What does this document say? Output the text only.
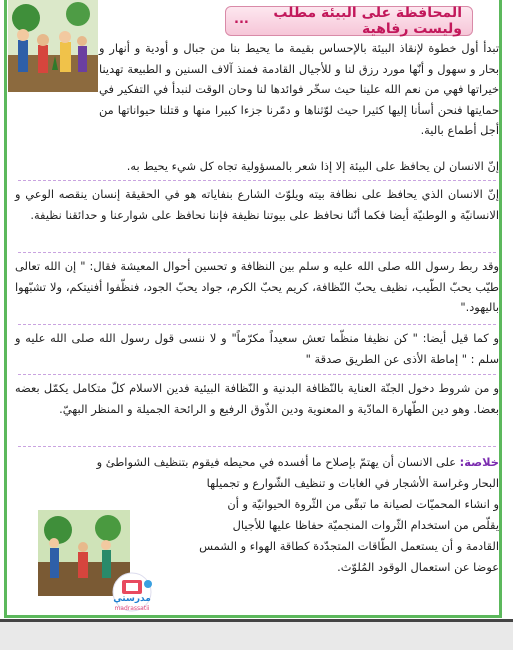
المحافظة على البيئة مطلب وليست رفاهية
...
تبدأ أول خطوة لإنقاذ البيئة بالإحساس بقيمة ما يحيط بنا من جبال و أودية و أنهار و بحار و سهول و أنّها مورد رزق لنا و للأجيال القادمة فمنذ آلاف السنين و الطبيعة تهدينا خيراتها فهي من نعم الله علينا حيث سخّر فوائدها لنا وحان الوقت لنبدأ في التفكير في حمايتها فنحن أسأنا إليها كثيرا حيث لوّثناها و دمّرنا جزءا كبيرا منها و قتلنا حيواناتها من أجل أطماع بالية.
إنّ الانسان لن يحافظ على البيئة إلا إذا شعر بالمسؤولية تجاه كل شيء يحيط به.
إنّ الانسان الذي يحافظ على نظافة بيته ويلوّث الشارع بنفاياته هو في الحقيقة إنسان ينقصه الوعي و الانسانيّة و الوطنيّة أيضا فكما أنّنا نحافظ على بيوتنا نظيفة فإننا نحافظ على شوارعنا و حدائقنا نظيفة.
وقد ربط رسول الله صلى الله عليه و سلم بين النظافة و تحسين أحوال المعيشة فقال: " إن الله تعالى طيّب يحبّ الطّيب، نظيف يحبّ النّظافة، كريم يحبّ الكرم، جواد يحبّ الجود، فنظّفوا أفنيتكم، ولا تشبّهوا باليهود."
و كما قيل أيضا: " كن نظيفا منظّما تعش سعيداً مكرّماً" و لا ننسى قول رسول الله صلى الله عليه و سلم : " إماطة الأذى عن الطريق صدقة "
و من شروط دخول الجنّة العناية بالنّظافة البدنية و النّظافة البيئية فدين الاسلام كلّ متكامل يكمّل بعضه بعضا. وهو دين الطّهارة المادّية و المعنوية ودين الذّوق الرفيع و الرائحة الجميلة و المنظر البهيّ.
خلاصة: على الانسان أن يهتمّ بإصلاح ما أفسده في محيطه فيقوم بتنظيف الشواطئ و
البحار وغراسة الأشجار في الغابات و تنظيف الشّوارع و تجميلها
و انشاء المحميّات لصيانة ما تبقّى من الثّروة الحيوانيّة و أن
يقلّص من استخدام الثّروات المنجميّة حفاظا عليها للأجيال
القادمة و أن يستعمل الطّاقات المتجدّدة كطاقة الهواء و الشمس
عوضا عن استعمال الوقود المُلوّث.
مدرستي
madrassatii
